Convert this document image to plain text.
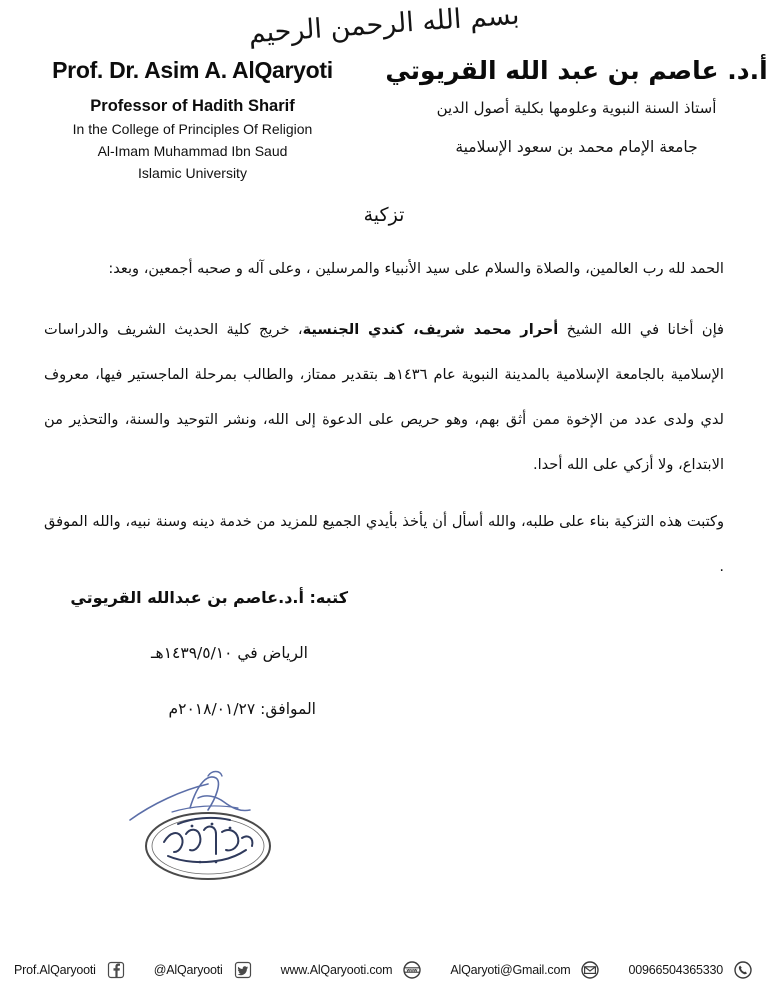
بسم الله الرحمن الرحيم
Prof. Dr. Asim A. AlQaryoti
Professor of Hadith Sharif
In the College of Principles Of Religion
Al-Imam Muhammad Ibn Saud
Islamic University
أ.د. عاصم بن عبد الله القريوتي
أستاذ السنة النبوية وعلومها بكلية أصول الدين
جامعة الإمام محمد بن سعود الإسلامية
تزكية

الحمد لله رب العالمين، والصلاة والسلام على سيد الأنبياء والمرسلين ، وعلى آله و صحبه أجمعين، وبعد:

فإن أخانا في الله الشيخ أحرار محمد شريف، كندي الجنسية، خريج كلية الحديث الشريف والدراسات الإسلامية بالجامعة الإسلامية بالمدينة النبوية عام ١٤٣٦هـ بتقدير ممتاز، والطالب بمرحلة الماجستير فيها، معروف لدي ولدى عدد من الإخوة ممن أثق بهم، وهو حريص على الدعوة إلى الله، ونشر التوحيد والسنة، والتحذير من الابتداع، ولا أزكي على الله أحدا.

وكتبت هذه التزكية بناء على طلبه، والله أسأل أن يأخذ بأيدي الجميع للمزيد من خدمة دينه وسنة نبيه، والله الموفق .

كتبه: أ.د.عاصم بن عبدالله القريوتي
الرياض في ١٤٣٩/٥/١٠هـ
الموافق: ٢٠١٨/٠١/٢٧م
Prof.AlQaryooti	@AlQaryooti	www.AlQaryooti.com	www	AlQaryoti@Gmail.com	00966504365330
